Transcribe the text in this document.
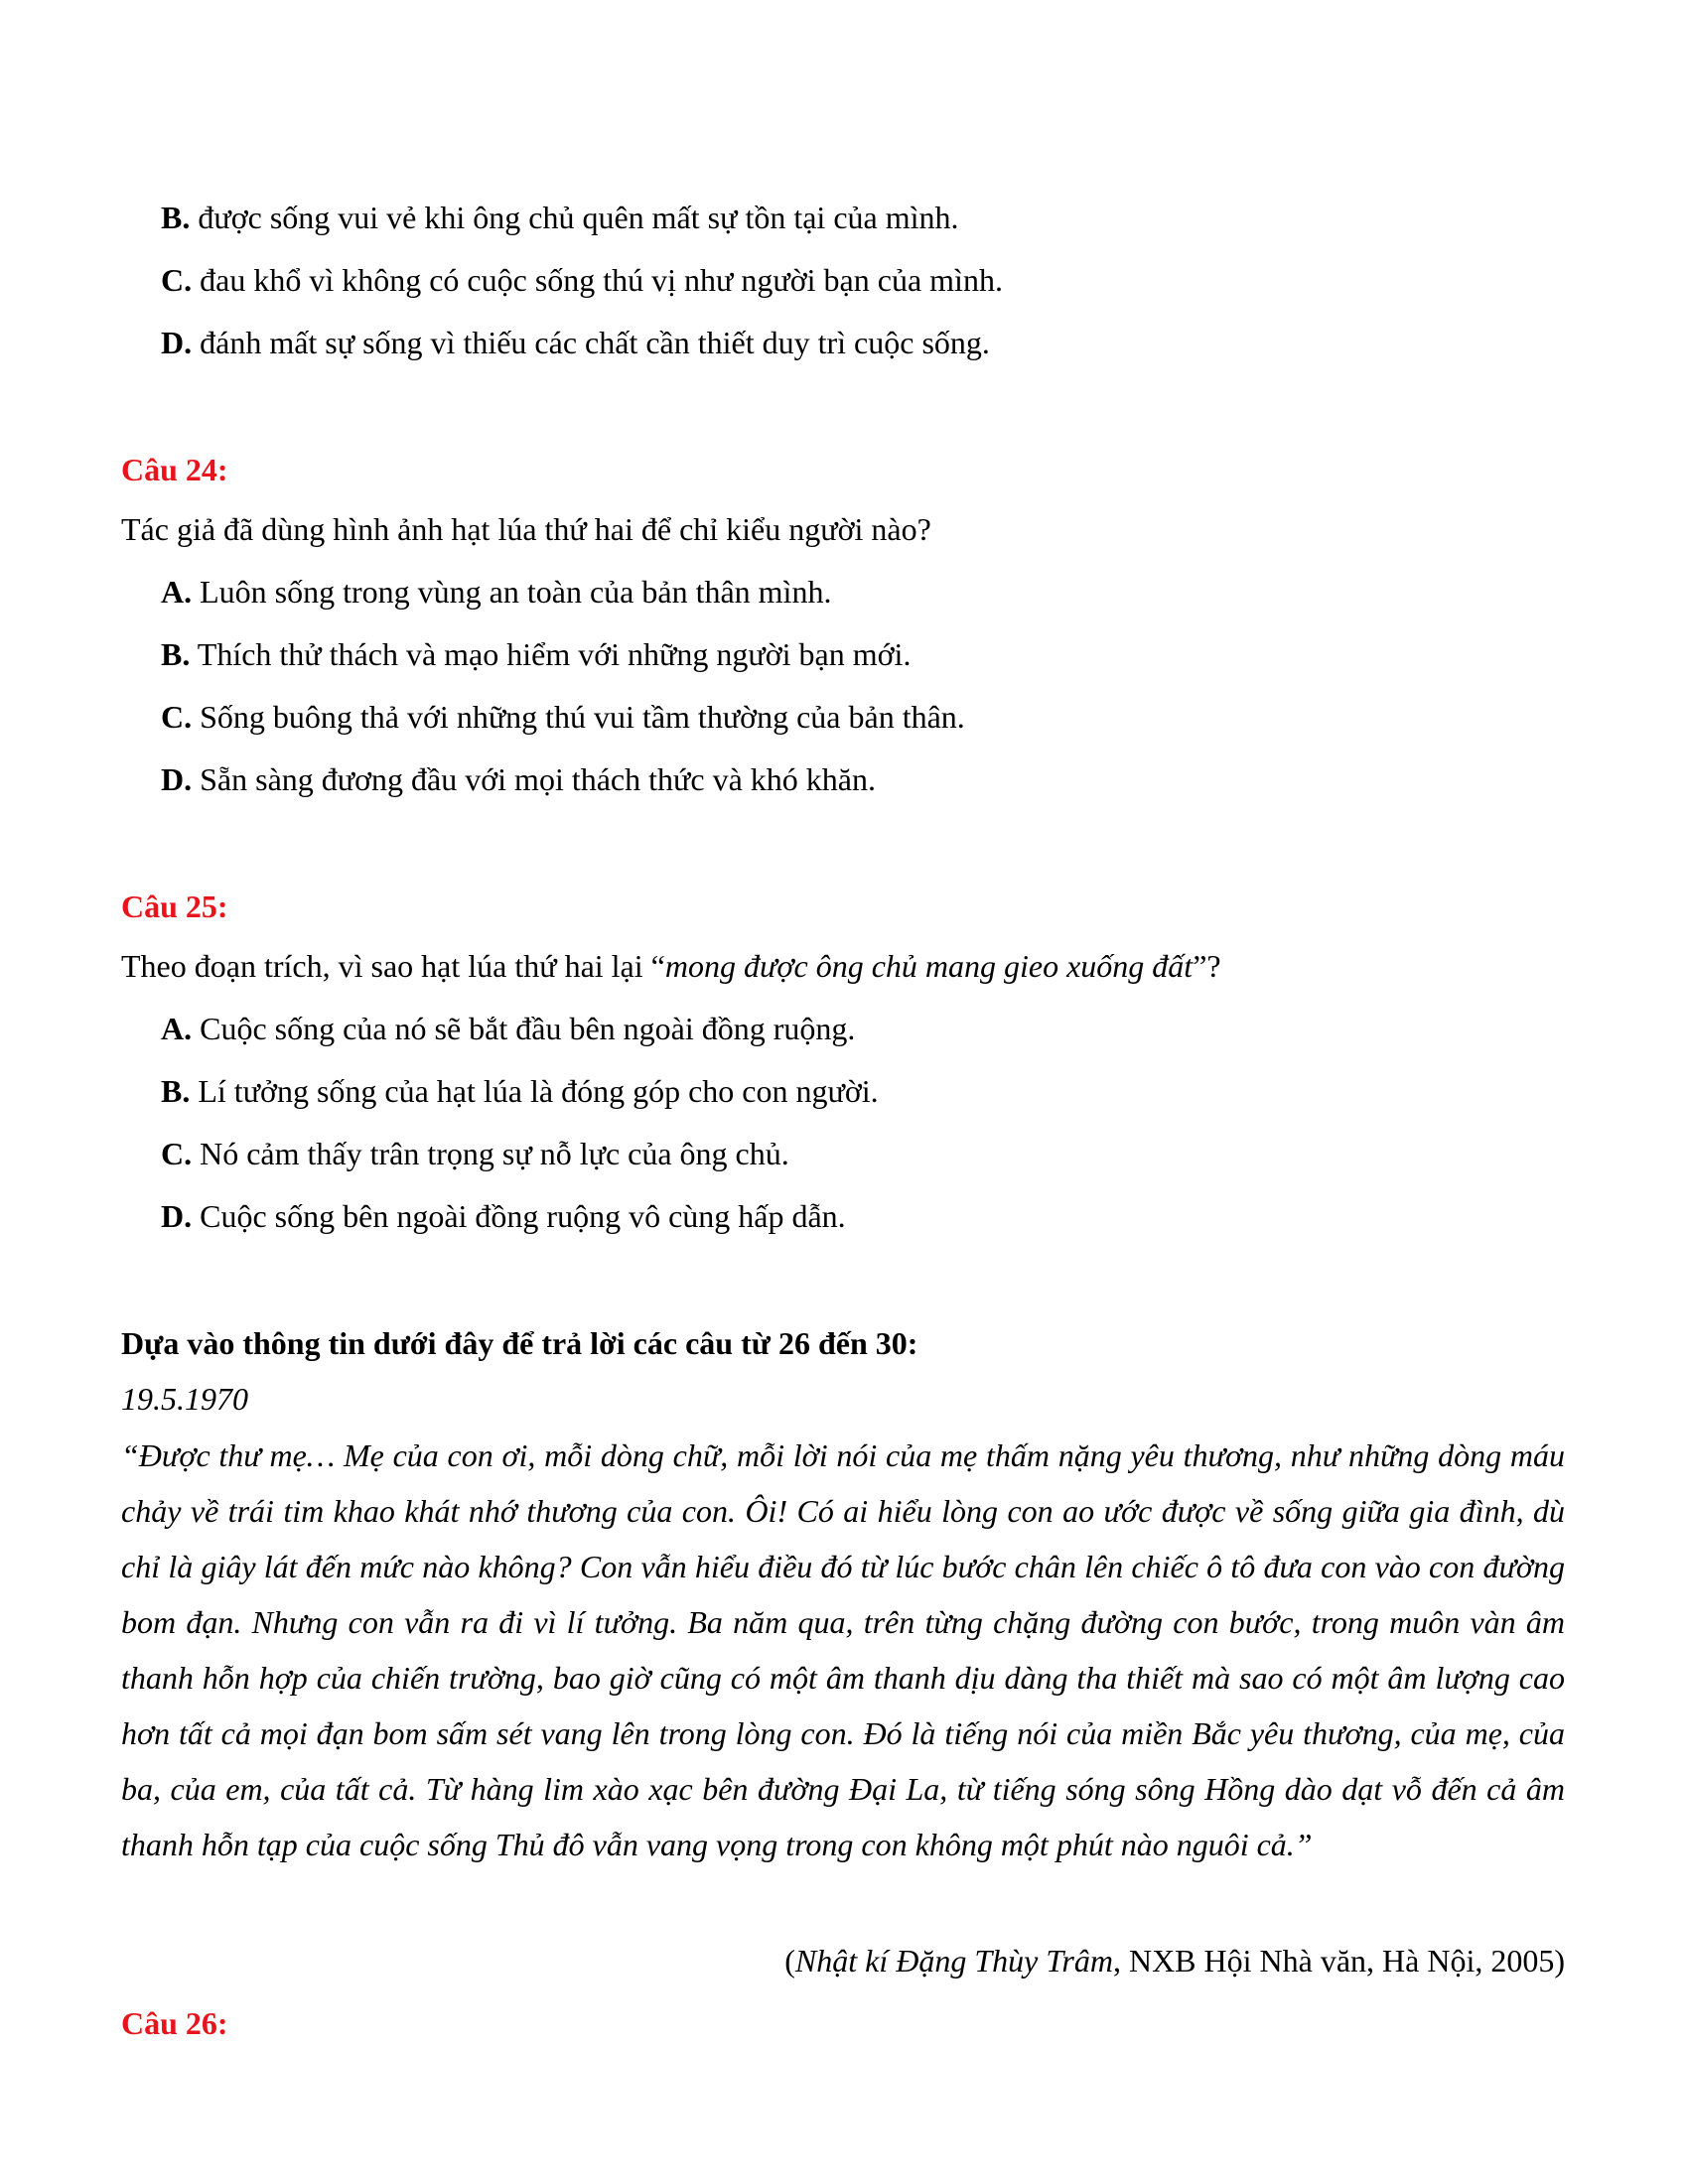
B. được sống vui vẻ khi ông chủ quên mất sự tồn tại của mình.
C. đau khổ vì không có cuộc sống thú vị như người bạn của mình.
D. đánh mất sự sống vì thiếu các chất cần thiết duy trì cuộc sống.
Câu 24:
Tác giả đã dùng hình ảnh hạt lúa thứ hai để chỉ kiểu người nào?
A. Luôn sống trong vùng an toàn của bản thân mình.
B. Thích thử thách và mạo hiểm với những người bạn mới.
C. Sống buông thả với những thú vui tầm thường của bản thân.
D. Sẵn sàng đương đầu với mọi thách thức và khó khăn.
Câu 25:
Theo đoạn trích, vì sao hạt lúa thứ hai lại “mong được ông chủ mang gieo xuống đất”?
A. Cuộc sống của nó sẽ bắt đầu bên ngoài đồng ruộng.
B. Lí tưởng sống của hạt lúa là đóng góp cho con người.
C. Nó cảm thấy trân trọng sự nỗ lực của ông chủ.
D. Cuộc sống bên ngoài đồng ruộng vô cùng hấp dẫn.
Dựa vào thông tin dưới đây để trả lời các câu từ 26 đến 30:
19.5.1970
“Được thư mẹ… Mẹ của con ơi, mỗi dòng chữ, mỗi lời nói của mẹ thấm nặng yêu thương, như những dòng máu chảy về trái tim khao khát nhớ thương của con. Ôi! Có ai hiểu lòng con ao ước được về sống giữa gia đình, dù chỉ là giây lát đến mức nào không? Con vẫn hiểu điều đó từ lúc bước chân lên chiếc ô tô đưa con vào con đường bom đạn. Nhưng con vẫn ra đi vì lí tưởng. Ba năm qua, trên từng chặng đường con bước, trong muôn vàn âm thanh hỗn hợp của chiến trường, bao giờ cũng có một âm thanh dịu dàng tha thiết mà sao có một âm lượng cao hơn tất cả mọi đạn bom sấm sét vang lên trong lòng con. Đó là tiếng nói của miền Bắc yêu thương, của mẹ, của ba, của em, của tất cả. Từ hàng lim xào xạc bên đường Đại La, từ tiếng sóng sông Hồng dào dạt vỗ đến cả âm thanh hỗn tạp của cuộc sống Thủ đô vẫn vang vọng trong con không một phút nào nguôi cả.”
(Nhật kí Đặng Thùy Trâm, NXB Hội Nhà văn, Hà Nội, 2005)
Câu 26:
